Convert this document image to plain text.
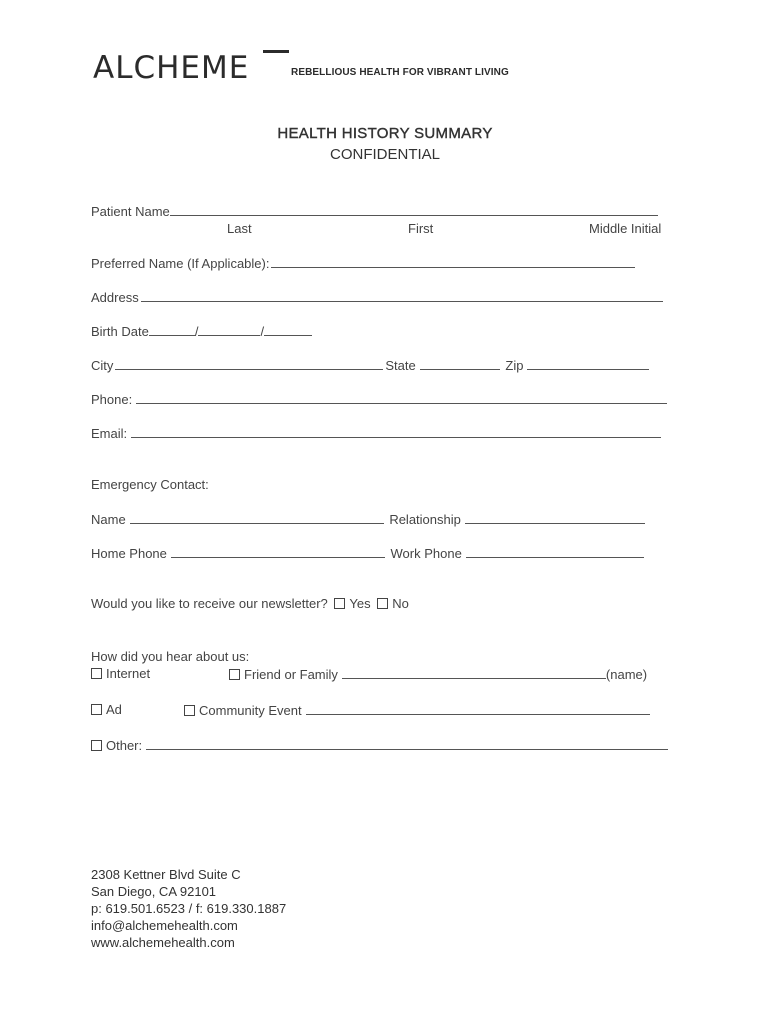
ALCHEME	REBELLIOUS HEALTH FOR VIBRANT LIVING
HEALTH HISTORY SUMMARY
CONFIDENTIAL
Patient Name
Last	First	Middle Initial
Preferred Name (If Applicable):
Address
Birth Date	/	/
City	State	Zip
Phone:
Email:
Emergency Contact:
Name	Relationship
Home Phone	Work Phone
Would you like to receive our newsletter? Yes No
How did you hear about us:
Internet	Friend or Family	(name)
Ad	Community Event
Other:
2308 Kettner Blvd Suite C
San Diego, CA 92101
p: 619.501.6523 / f: 619.330.1887
info@alchemehealth.com
www.alchemehealth.com
